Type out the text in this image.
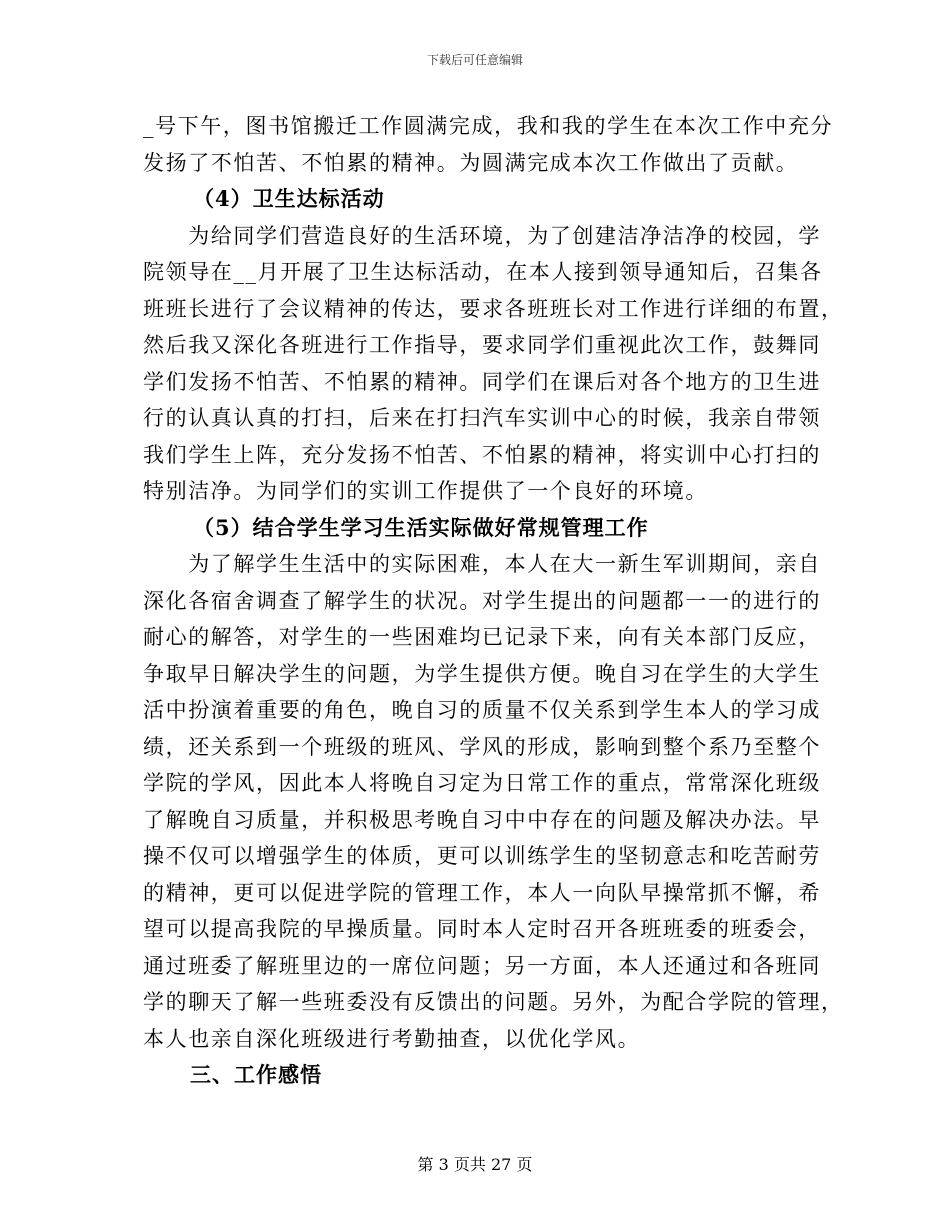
下载后可任意编辑
_号下午，图书馆搬迁工作圆满完成，我和我的学生在本次工作中充分
发扬了不怕苦、不怕累的精神。为圆满完成本次工作做出了贡献。
（4）卫生达标活动
　　为给同学们营造良好的生活环境，为了创建洁净洁净的校园，学
院领导在__月开展了卫生达标活动，在本人接到领导通知后，召集各
班班长进行了会议精神的传达，要求各班班长对工作进行详细的布置，
然后我又深化各班进行工作指导，要求同学们重视此次工作，鼓舞同
学们发扬不怕苦、不怕累的精神。同学们在课后对各个地方的卫生进
行的认真认真的打扫，后来在打扫汽车实训中心的时候，我亲自带领
我们学生上阵，充分发扬不怕苦、不怕累的精神，将实训中心打扫的
特别洁净。为同学们的实训工作提供了一个良好的环境。
（5）结合学生学习生活实际做好常规管理工作
　　为了解学生生活中的实际困难，本人在大一新生军训期间，亲自
深化各宿舍调查了解学生的状况。对学生提出的问题都一一的进行的
耐心的解答，对学生的一些困难均已记录下来，向有关本部门反应，
争取早日解决学生的问题，为学生提供方便。晚自习在学生的大学生
活中扮演着重要的角色，晚自习的质量不仅关系到学生本人的学习成
绩，还关系到一个班级的班风、学风的形成，影响到整个系乃至整个
学院的学风，因此本人将晚自习定为日常工作的重点，常常深化班级
了解晚自习质量，并积极思考晚自习中中存在的问题及解决办法。早
操不仅可以增强学生的体质，更可以训练学生的坚韧意志和吃苦耐劳
的精神，更可以促进学院的管理工作，本人一向队早操常抓不懈，希
望可以提高我院的早操质量。同时本人定时召开各班班委的班委会，
通过班委了解班里边的一席位问题；另一方面，本人还通过和各班同
学的聊天了解一些班委没有反馈出的问题。另外，为配合学院的管理，
本人也亲自深化班级进行考勤抽查，以优化学风。
三、工作感悟
第 3 页共 27 页
